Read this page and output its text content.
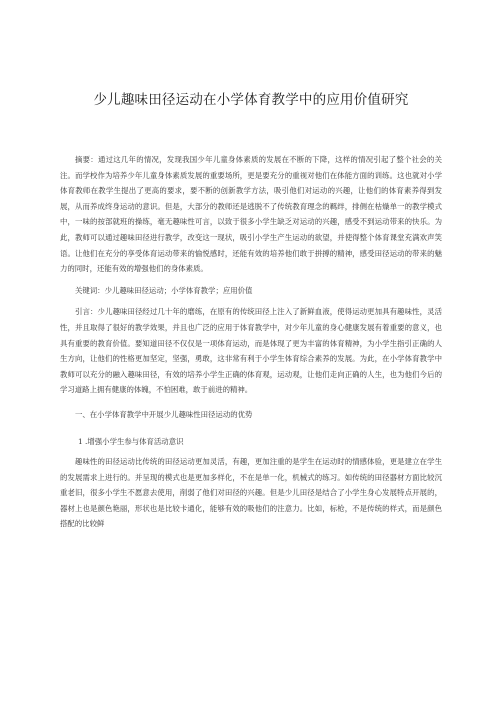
少儿趣味田径运动在小学体育教学中的应用价值研究

摘要：通过这几年的情况，发现我国少年儿童身体素质的发展在不断的下降，这样的情况引起了整个社会的关注。而学校作为培养少年儿童身体素质发展的重要场所，更是要充分的重视对他们在体能方面的训练。这也就对小学体育教师在教学生提出了更高的要求，要不断的创新教学方法，吸引他们对运动的兴趣，让他们的体育素养得到发展，从而养成终身运动的意识。但是，大部分的教师还是逃脱不了传统教育理念的羁绊，排侧在枯燥单一的教学模式中，一味的按部就班的操练，毫无趣味性可言，以致于很多小学生缺乏对运动的兴趣，感受不到运动带来的快乐。为此，教师可以通过趣味田径进行教学，改变这一现状，吸引小学生产生运动的欲望，并使得整个体育课堂充满欢声笑语。让他们在充分的享受体育运动带来的愉悦感时，还能有效的培养他们敢于拼搏的精神，感受田径运动的带来的魅力的同时，还能有效的增强他们的身体素质。

关键词：少儿趣味田径运动；小学体育教学；应用价值

引言：少儿趣味田径经过几十年的磨练，在原有的传统田径上注入了新鲜血液，使得运动更加具有趣味性，灵活性，并且取得了很好的教学效果，并且也广泛的应用于体育教学中，对少年儿童的身心健康发展有着重要的意义，也具有重要的教育价值。要知道田径不仅仅是一项体育运动，而是体现了更为丰富的体育精神，为小学生指引正确的人生方向，让他们的性格更加坚定，坚强，勇敢，这非常有利于小学生体育综合素养的发展。为此，在小学体育教学中教师可以充分的融入趣味田径，有效的培养小学生正确的体育观，运动观，让他们走向正确的人生，也为他们今后的学习道路上拥有健康的体魄，不怕困难，敢于前进的精神。

一、在小学体育教学中开展少儿趣味性田径运动的优势

1 .增强小学生参与体育活动意识

趣味性的田径运动比传统的田径运动更加灵活，有趣，更加注重的是学生在运动时的情感体验，更是建立在学生的发展需求上进行的。并呈现的模式也是更加多样化，不在是单一化，机械式的练习。如传统的田径器材方面比较沉重老旧，很多小学生不愿意去使用，削弱了他们对田径的兴趣。但是少儿田径是结合了小学生身心发展特点开展的，器材上也是颜色艳丽，形状也是比较卡通化，能够有效的吸他们的注意力。比如，标枪，不是传统的样式，而是颜色搭配的比较鲜
